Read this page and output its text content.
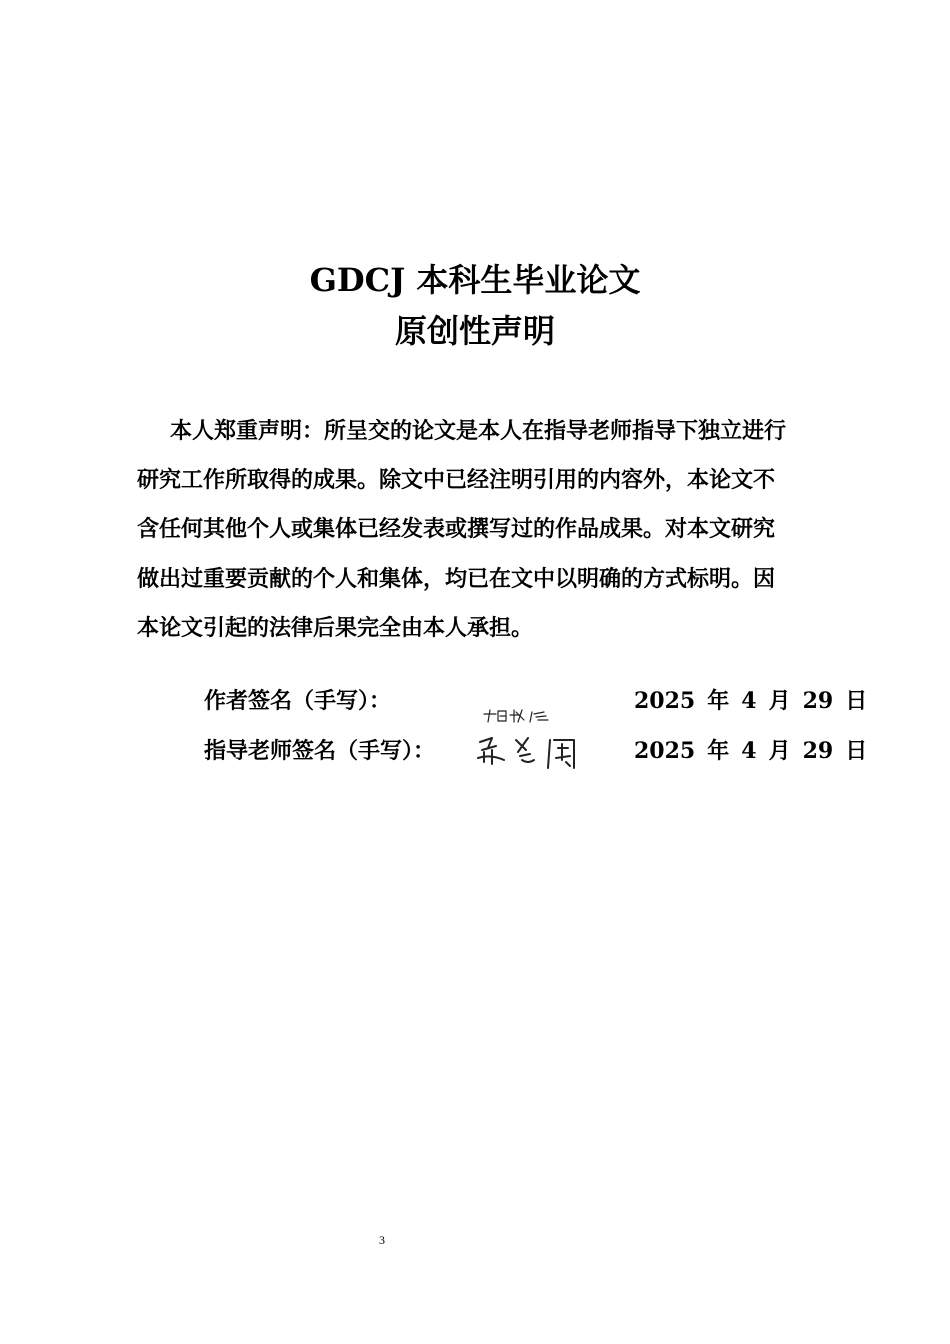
GDCJ 本科生毕业论文
原创性声明
本人郑重声明：所呈交的论文是本人在指导老师指导下独立进行
研究工作所取得的成果。除文中已经注明引用的内容外，本论文不
含任何其他个人或集体已经发表或撰写过的作品成果。对本文研究
做出过重要贡献的个人和集体，均已在文中以明确的方式标明。因
本论文引起的法律后果完全由本人承担。
作者签名（手写）：
指导老师签名（手写）：
2025 年 4 月 29 日
2025 年 4 月 29 日
3
